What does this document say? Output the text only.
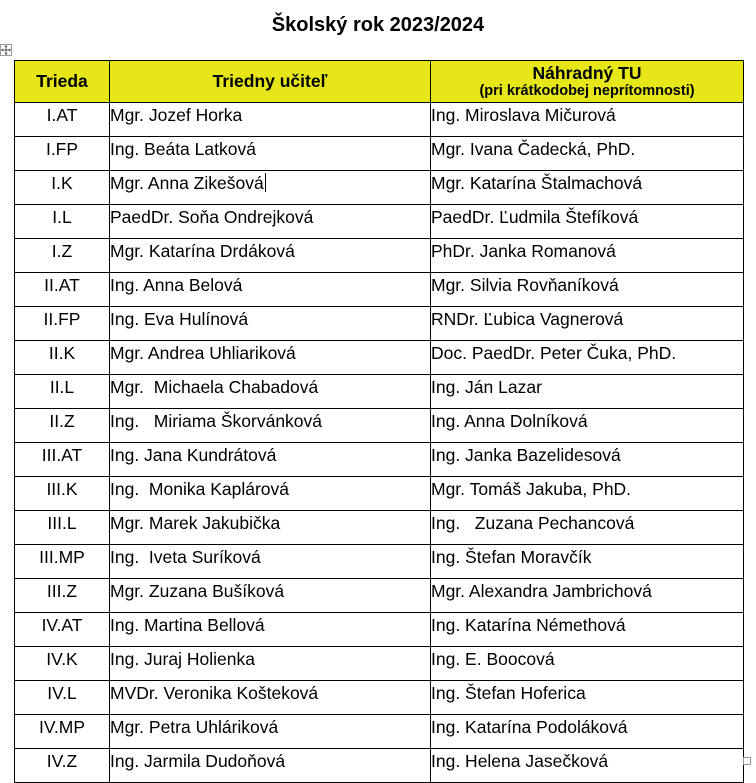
Školský rok 2023/2024
Trieda	Triedny učiteľ	Náhradný TU
(pri krátkodobej neprítomnosti)

I.AT	Mgr. Jozef Horka	Ing. Miroslava Mičurová
I.FP	Ing. Beáta Latková	Mgr. Ivana Čadecká, PhD.
I.K	Mgr. Anna Zikešová	Mgr. Katarína Štalmachová
I.L	PaedDr. Soňa Ondrejková	PaedDr. Ľudmila Štefíková
I.Z	Mgr. Katarína Drdáková	PhDr. Janka Romanová
II.AT	Ing. Anna Belová	Mgr. Silvia Rovňaníková
II.FP	Ing. Eva Hulínová	RNDr. Ľubica Vagnerová
II.K	Mgr. Andrea Uhliariková	Doc. PaedDr. Peter Čuka, PhD.
II.L	Mgr.  Michaela Chabadová	Ing. Ján Lazar
II.Z	Ing.   Miriama Škorvánková	Ing. Anna Dolníková
III.AT	Ing. Jana Kundrátová	Ing. Janka Bazelidesová
III.K	Ing.  Monika Kaplárová	Mgr. Tomáš Jakuba, PhD.
III.L	Mgr. Marek Jakubička	Ing.   Zuzana Pechancová
III.MP	Ing.  Iveta Suríková	Ing. Štefan Moravčík
III.Z	Mgr. Zuzana Bušíková	Mgr. Alexandra Jambrichová
IV.AT	Ing. Martina Bellová	Ing. Katarína Némethová
IV.K	Ing. Juraj Holienka	Ing. E. Boocová
IV.L	MVDr. Veronika Košteková	Ing. Štefan Hoferica
IV.MP	Mgr. Petra Uhláriková	Ing. Katarína Podoláková
IV.Z	Ing. Jarmila Dudoňová	Ing. Helena Jasečková
